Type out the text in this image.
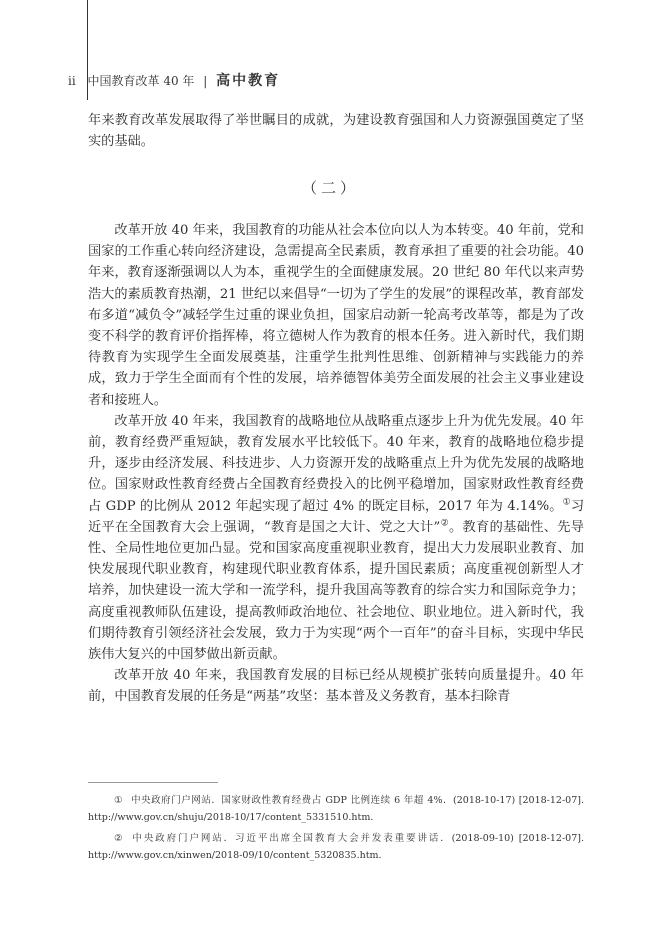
ii 中国教育改革 40 年 | 高中教育

年来教育改革发展取得了举世瞩目的成就，为建设教育强国和人力资源强国奠定了坚实的基础。

（二）

改革开放 40 年来，我国教育的功能从社会本位向以人为本转变。40 年前，党和国家的工作重心转向经济建设，急需提高全民素质，教育承担了重要的社会功能。40 年来，教育逐渐强调以人为本，重视学生的全面健康发展。20 世纪 80 年代以来声势浩大的素质教育热潮，21 世纪以来倡导“一切为了学生的发展”的课程改革，教育部发布多道“减负令”减轻学生过重的课业负担，国家启动新一轮高考改革等，都是为了改变不科学的教育评价指挥棒，将立德树人作为教育的根本任务。进入新时代，我们期待教育为实现学生全面发展奠基，注重学生批判性思维、创新精神与实践能力的养成，致力于学生全面而有个性的发展，培养德智体美劳全面发展的社会主义事业建设者和接班人。

改革开放 40 年来，我国教育的战略地位从战略重点逐步上升为优先发展。40 年前，教育经费严重短缺，教育发展水平比较低下。40 年来，教育的战略地位稳步提升，逐步由经济发展、科技进步、人力资源开发的战略重点上升为优先发展的战略地位。国家财政性教育经费占全国教育经费投入的比例平稳增加，国家财政性教育经费占 GDP 的比例从 2012 年起实现了超过 4% 的既定目标，2017 年为 4.14%。①习近平在全国教育大会上强调，“教育是国之大计、党之大计”②。教育的基础性、先导性、全局性地位更加凸显。党和国家高度重视职业教育，提出大力发展职业教育、加快发展现代职业教育，构建现代职业教育体系，提升国民素质；高度重视创新型人才培养，加快建设一流大学和一流学科，提升我国高等教育的综合实力和国际竞争力；高度重视教师队伍建设，提高教师政治地位、社会地位、职业地位。进入新时代，我们期待教育引领经济社会发展，致力于为实现“两个一百年”的奋斗目标，实现中华民族伟大复兴的中国梦做出新贡献。

改革开放 40 年来，我国教育发展的目标已经从规模扩张转向质量提升。40 年前，中国教育发展的任务是“两基”攻坚：基本普及义务教育，基本扫除青

① 中央政府门户网站．国家财政性教育经费占 GDP 比例连续 6 年超 4%．(2018-10-17) [2018-12-07]. http://www.gov.cn/shuju/2018-10/17/content_5331510.htm.
② 中央政府门户网站．习近平出席全国教育大会并发表重要讲话．(2018-09-10) [2018-12-07]. http://www.gov.cn/xinwen/2018-09/10/content_5320835.htm.
